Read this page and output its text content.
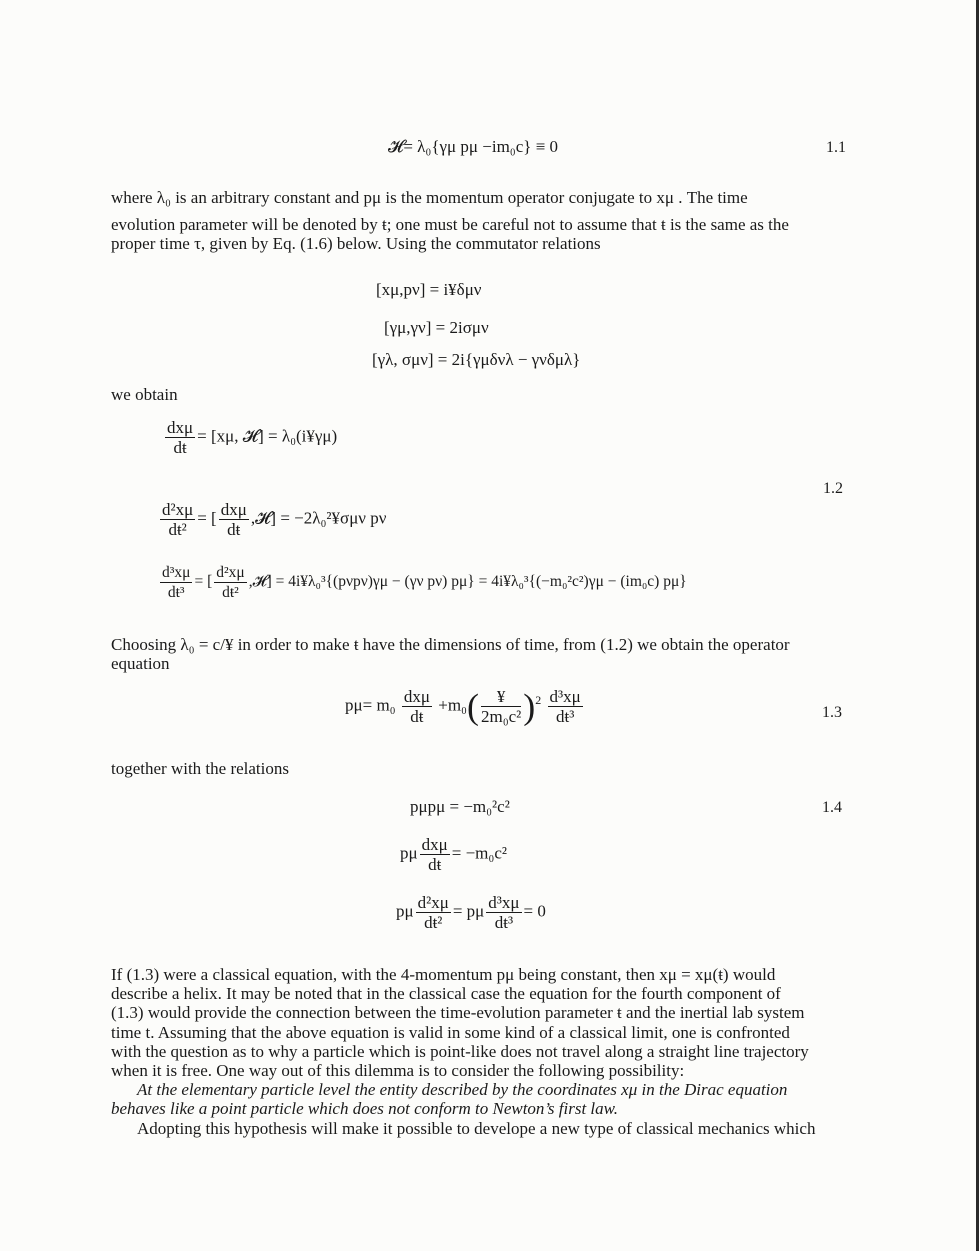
𝓗= λ₀{γμ pμ −im₀c} ≡ 0	1.1

where λ₀ is an arbitrary constant and pμ is the momentum operator conjugate to xμ . The time

evolution parameter will be denoted by ŧ; one must be careful not to assume that ŧ is the same as the

proper time τ, given by Eq. (1.6) below. Using the commutator relations

[xμ,pν] = i¥δμν
[γμ,γν] = 2iσμν
[γλ, σμν] = 2i{γμδνλ − γνδμλ}
we obtain
$\frac{\text{dxμ}}{dŧ} = [x\mu$, 𝓗] = λ₀(i¥γμ)
1.2
$\frac{\text{d²xμ}}{\text{dŧ²}}$ = [ $\frac{\text{dxμ}}{dŧ}$ ,𝓗] = −2λ₀²¥σμν pν
$\frac{\text{d³xμ}}{\text{dŧ³}}$ = [ $\frac{\text{d²xμ}}{\text{dŧ²}}$ ,𝓗] = 4i¥λ₀³{(pνpν)γμ − (γν pν) pμ} = 4i¥λ₀³{(−m₀²c²)γμ − (im₀c) pμ}

Choosing λ₀ = c/¥ in order to make ŧ have the dimensions of time, from (1.2) we obtain the operator

equation

$p\mu= m_0 \frac{\text{dxμ}}{dŧ} +m_0( \frac{¥}{\text{2m₀c²}} )^2 \frac{\text{d³xμ}}{\text{dŧ³}}$	1.3
together with the relations
pμpμ = −m₀²c²	1.4
pμ $\frac{\text{dxμ}}{dŧ} = -m_0c^2$
pμ $\frac{\text{d²xμ}}{\text{dŧ²}} = p\mu \frac{\text{d³xμ}}{\text{dŧ³}} = 0$

If (1.3) were a classical equation, with the 4-momentum pμ being constant, then xμ = xμ(ŧ) would

describe a helix. It may be noted that in the classical case the equation for the fourth component of

(1.3) would provide the connection between the time-evolution parameter ŧ and the inertial lab system

time t. Assuming that the above equation is valid in some kind of a classical limit, one is confronted

with the question as to why a particle which is point-like does not travel along a straight line trajectory

when it is free. One way out of this dilemma is to consider the following possibility:

At the elementary particle level the entity described by the coordinates xμ in the Dirac equation

behaves like a point particle which does not conform to Newton’s first law.

Adopting this hypothesis will make it possible to develope a new type of classical mechanics which
